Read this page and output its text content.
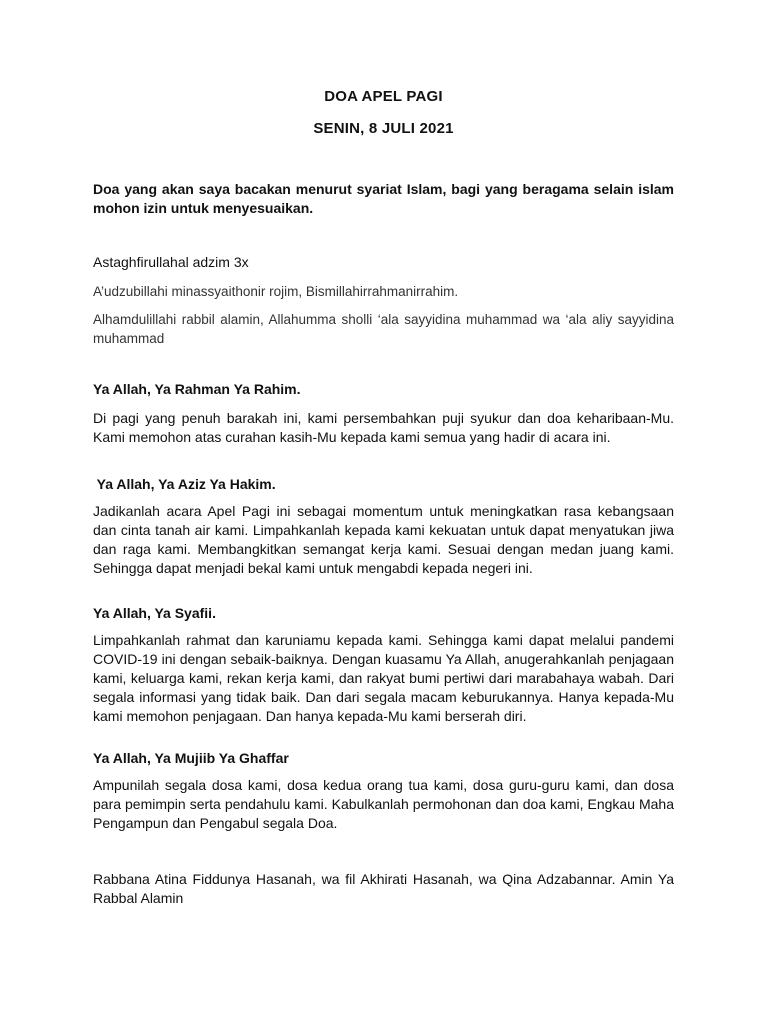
DOA APEL PAGI
SENIN, 8 JULI 2021
Doa yang akan saya bacakan menurut syariat Islam, bagi yang beragama selain islam mohon izin untuk menyesuaikan.
Astaghfirullahal adzim 3x
A’udzubillahi minassyaithonir rojim, Bismillahirrahmanirrahim.
Alhamdulillahi rabbil alamin, Allahumma sholli ‘ala sayyidina muhammad wa ‘ala aliy sayyidina muhammad
Ya Allah, Ya Rahman Ya Rahim.
Di pagi yang penuh barakah ini, kami persembahkan puji syukur dan doa keharibaan-Mu. Kami memohon atas curahan kasih-Mu kepada kami semua yang hadir di acara ini.
Ya Allah, Ya Aziz Ya Hakim.
Jadikanlah acara Apel Pagi ini sebagai momentum untuk meningkatkan rasa kebangsaan dan cinta tanah air kami. Limpahkanlah kepada kami kekuatan untuk dapat menyatukan jiwa dan raga kami. Membangkitkan semangat kerja kami. Sesuai dengan medan juang kami. Sehingga dapat menjadi bekal kami untuk mengabdi kepada negeri ini.
Ya Allah, Ya Syafii.
Limpahkanlah rahmat dan karuniamu kepada kami. Sehingga kami dapat melalui pandemi COVID-19 ini dengan sebaik-baiknya. Dengan kuasamu Ya Allah, anugerahkanlah penjagaan kami, keluarga kami, rekan kerja kami, dan rakyat bumi pertiwi dari marabahaya wabah. Dari segala informasi yang tidak baik. Dan dari segala macam keburukannya. Hanya kepada-Mu kami memohon penjagaan. Dan hanya kepada-Mu kami berserah diri.
Ya Allah, Ya Mujiib Ya Ghaffar
Ampunilah segala dosa kami, dosa kedua orang tua kami, dosa guru-guru kami, dan dosa para pemimpin serta pendahulu kami. Kabulkanlah permohonan dan doa kami, Engkau Maha Pengampun dan Pengabul segala Doa.
Rabbana Atina Fiddunya Hasanah, wa fil Akhirati Hasanah, wa Qina Adzabannar. Amin Ya Rabbal Alamin
